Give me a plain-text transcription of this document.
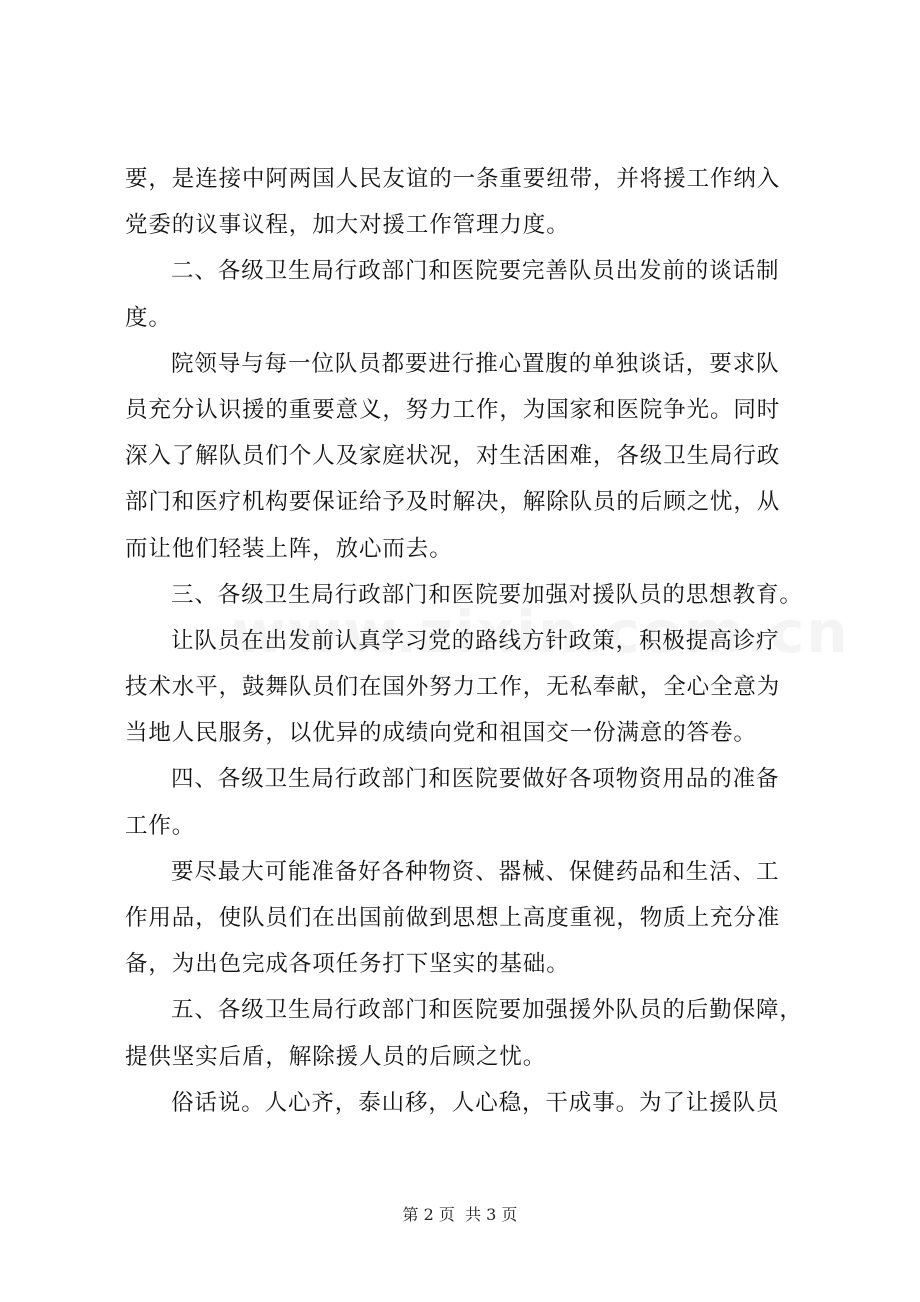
要，是连接中阿两国人民友谊的一条重要纽带，并将援工作纳入
党委的议事议程，加大对援工作管理力度。
二、各级卫生局行政部门和医院要完善队员出发前的谈话制
度。
院领导与每一位队员都要进行推心置腹的单独谈话，要求队
员充分认识援的重要意义，努力工作，为国家和医院争光。同时
深入了解队员们个人及家庭状况，对生活困难，各级卫生局行政
部门和医疗机构要保证给予及时解决，解除队员的后顾之忧，从
而让他们轻装上阵，放心而去。
三、各级卫生局行政部门和医院要加强对援队员的思想教育。
让队员在出发前认真学习党的路线方针政策，积极提高诊疗
技术水平，鼓舞队员们在国外努力工作，无私奉献，全心全意为
当地人民服务，以优异的成绩向党和祖国交一份满意的答卷。
四、各级卫生局行政部门和医院要做好各项物资用品的准备
工作。
要尽最大可能准备好各种物资、器械、保健药品和生活、工
作用品，使队员们在出国前做到思想上高度重视，物质上充分准
备，为出色完成各项任务打下坚实的基础。
五、各级卫生局行政部门和医院要加强援外队员的后勤保障，
提供坚实后盾，解除援人员的后顾之忧。
俗话说。人心齐，泰山移，人心稳，干成事。为了让援队员
第 2 页  共 3 页
